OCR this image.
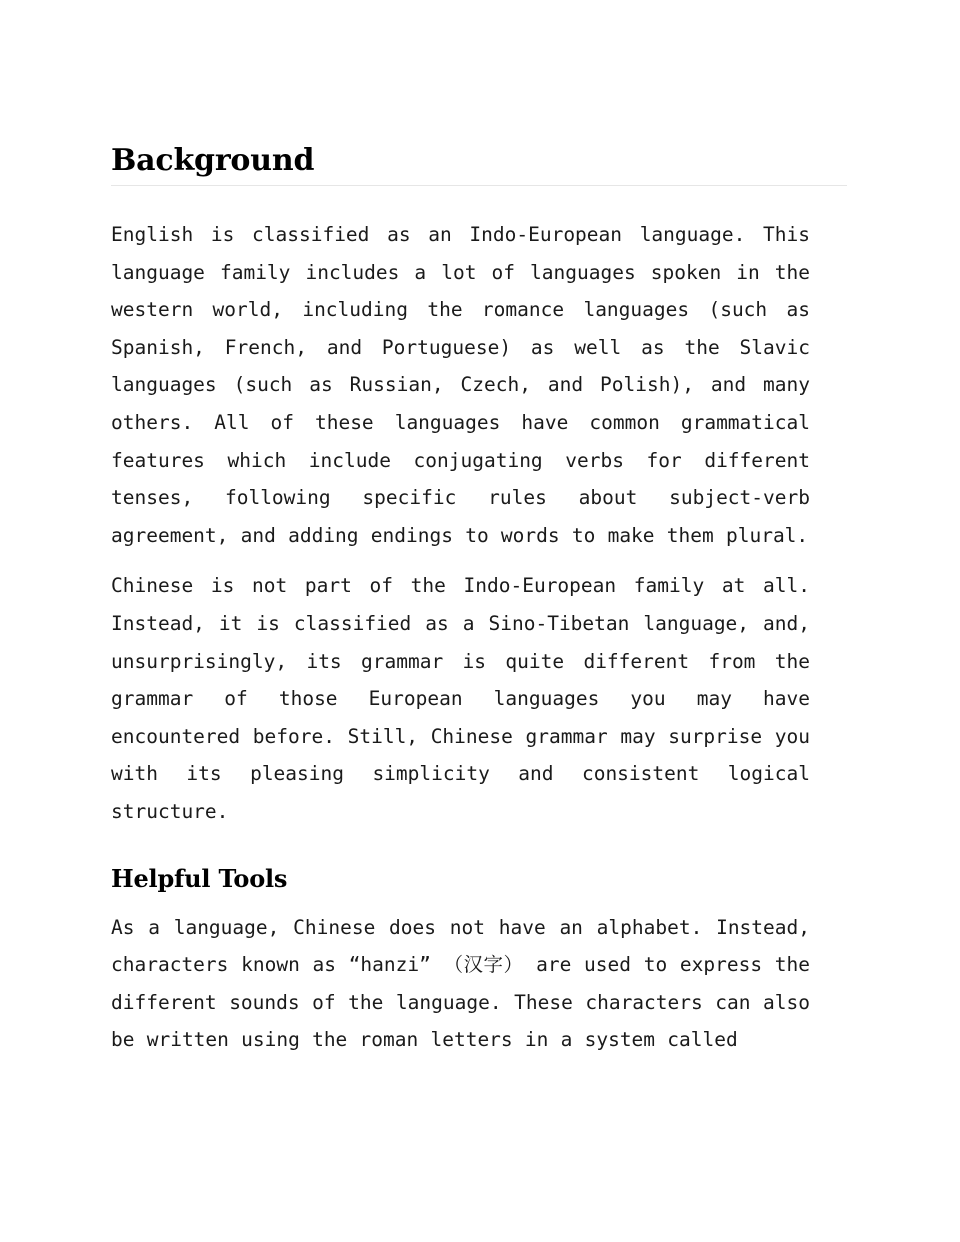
Background

English is classified as an Indo-European language. This language family includes a lot of languages spoken in the western world, including the romance languages (such as Spanish, French, and Portuguese) as well as the Slavic languages (such as Russian, Czech, and Polish), and many others. All of these languages have common grammatical features which include conjugating verbs for different tenses, following specific rules about subject-verb agreement, and adding endings to words to make them plural.

Chinese is not part of the Indo-European family at all. Instead, it is classified as a Sino-Tibetan language, and, unsurprisingly, its grammar is quite different from the grammar of those European languages you may have encountered before. Still, Chinese grammar may surprise you with its pleasing simplicity and consistent logical structure.

Helpful Tools

As a language, Chinese does not have an alphabet. Instead, characters known as “hanzi” （汉字） are used to express the different sounds of the language. These characters can also be written using the roman letters in a system called
